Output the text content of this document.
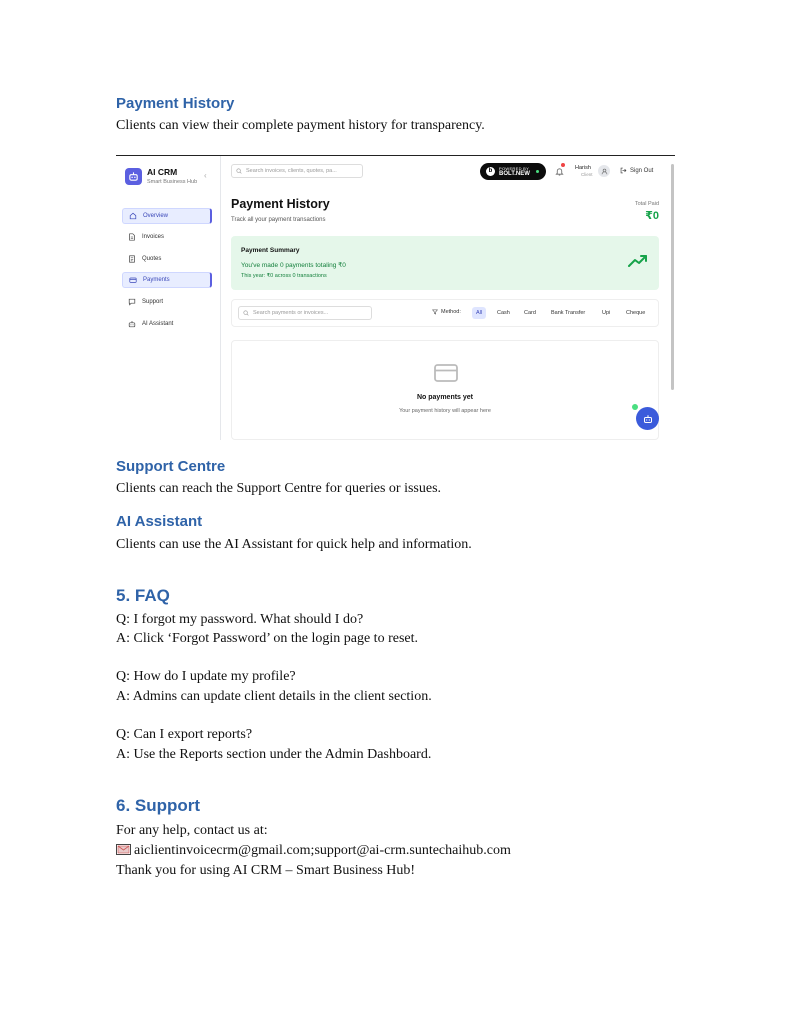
Payment History

Clients can view their complete payment history for transparency.

AI CRM
Smart Business Hub
‹
Overview
Invoices
Quotes
Payments
Support
AI Assistant
Search invoices, clients, quotes, pa...	b	POWERED BY
BOLT.NEW
Harish
Client
Sign Out
Payment History
Track all your payment transactions
Total Paid
₹0
Payment Summary
You've made 0 payments totaling ₹0
This year: ₹0 across 0 transactions
Search payments or invoices...	Method:	All	Cash	Card	Bank Transfer	Upi	Cheque
No payments yet
Your payment history will appear here
Support Centre

Clients can reach the Support Centre for queries or issues.

AI Assistant

Clients can use the AI Assistant for quick help and information.

5. FAQ

Q: I forgot my password. What should I do?

A: Click ‘Forgot Password’ on the login page to reset.

Q: How do I update my profile?

A: Admins can update client details in the client section.

Q: Can I export reports?

A: Use the Reports section under the Admin Dashboard.

6. Support

For any help, contact us at:

aiclientinvoicecrm@gmail.com;support@ai-crm.suntechaihub.com

Thank you for using AI CRM – Smart Business Hub!
